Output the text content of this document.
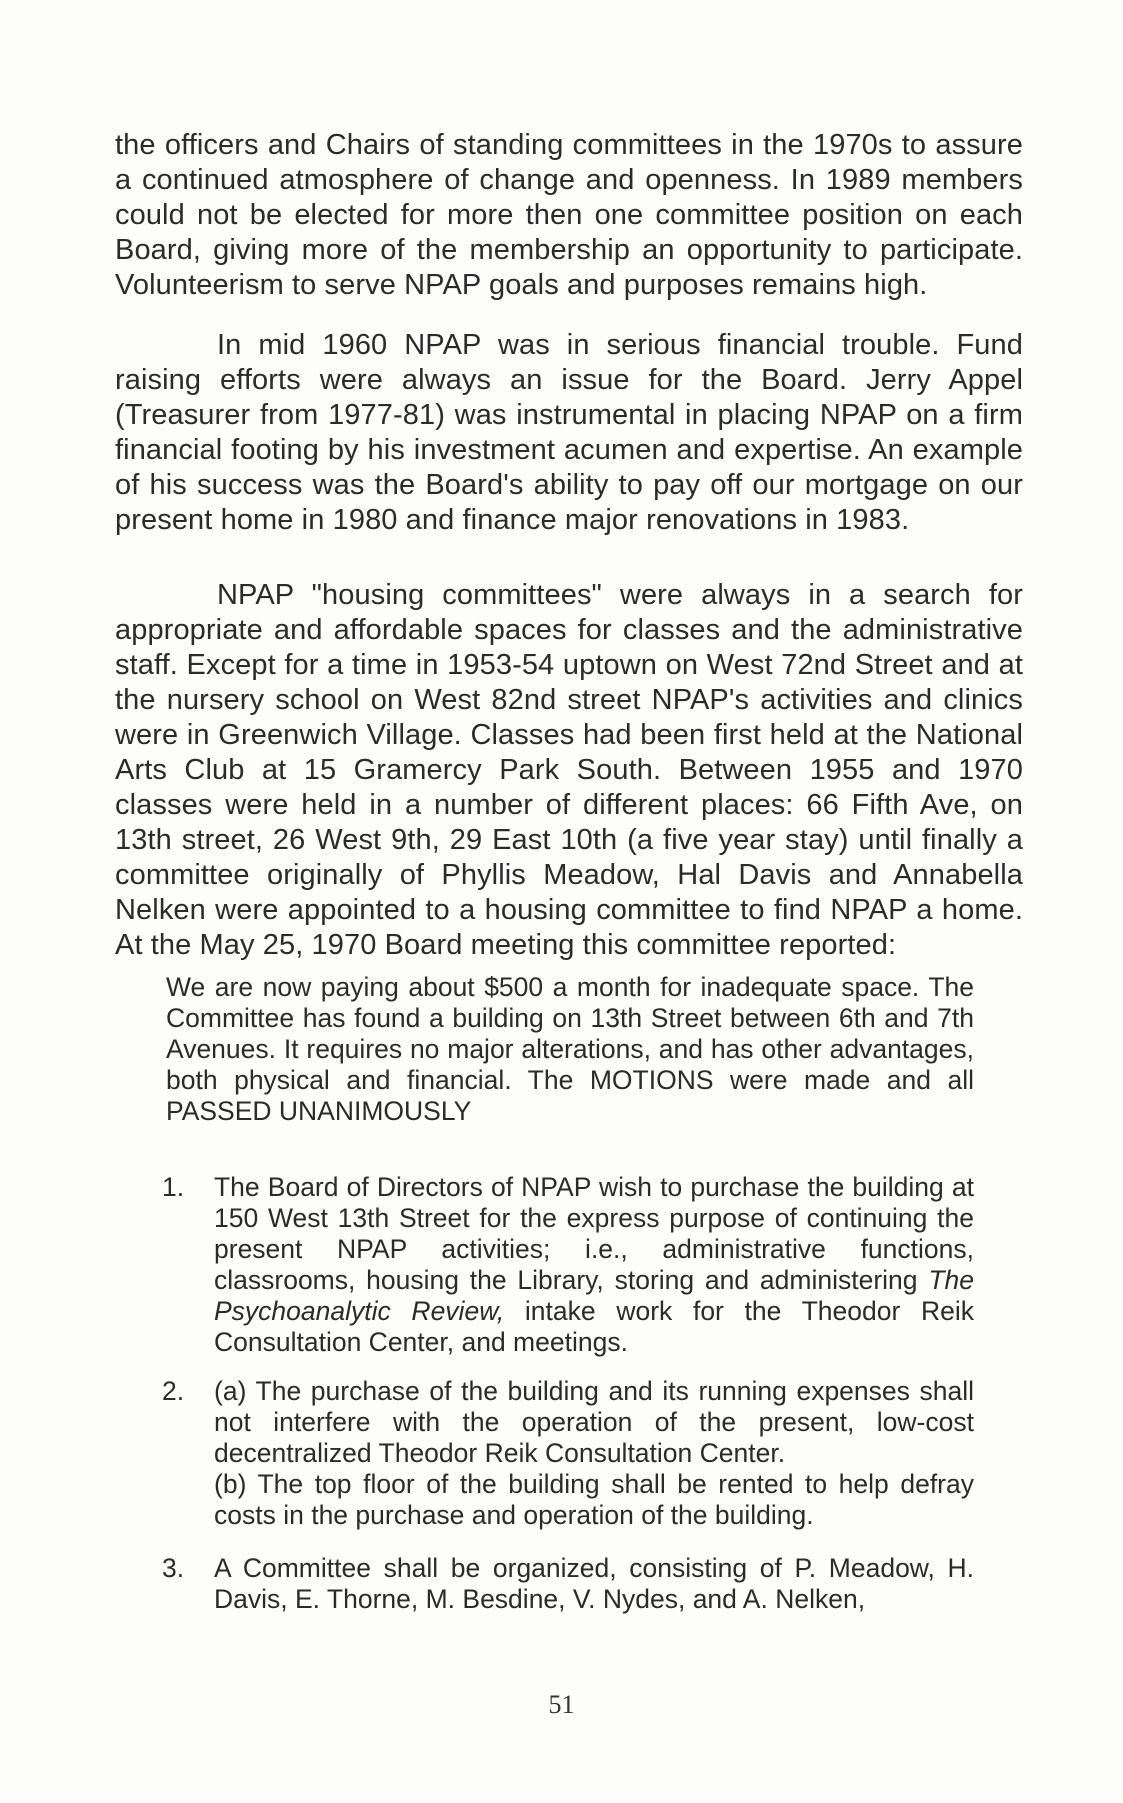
the officers and Chairs of standing committees in the 1970s to assure a continued atmosphere of change and openness. In 1989 members could not be elected for more then one committee position on each Board, giving more of the membership an opportunity to participate. Volunteerism to serve NPAP goals and purposes remains high.

In mid 1960 NPAP was in serious financial trouble. Fund raising efforts were always an issue for the Board. Jerry Appel (Treasurer from 1977-81) was instrumental in placing NPAP on a firm financial footing by his investment acumen and expertise. An example of his success was the Board's ability to pay off our mortgage on our present home in 1980 and finance major renovations in 1983.

NPAP "housing committees" were always in a search for appropriate and affordable spaces for classes and the administrative staff. Except for a time in 1953-54 uptown on West 72nd Street and at the nursery school on West 82nd street NPAP's activities and clinics were in Greenwich Village. Classes had been first held at the National Arts Club at 15 Gramercy Park South. Between 1955 and 1970 classes were held in a number of different places: 66 Fifth Ave, on 13th street, 26 West 9th, 29 East 10th (a five year stay) until finally a committee originally of Phyllis Meadow, Hal Davis and Annabella Nelken were appointed to a housing committee to find NPAP a home. At the May 25, 1970 Board meeting this committee reported:

We are now paying about $500 a month for inadequate space. The Committee has found a building on 13th Street between 6th and 7th Avenues. It requires no major alterations, and has other advantages, both physical and financial. The MOTIONS were made and all PASSED UNANIMOUSLY

1.	The Board of Directors of NPAP wish to purchase the building at 150 West 13th Street for the express purpose of continuing the present NPAP activities; i.e., administrative functions, classrooms, housing the Library, storing and administering The Psychoanalytic Review, intake work for the Theodor Reik Consultation Center, and meetings.
2.	(a) The purchase of the building and its running expenses shall not interfere with the operation of the present, low-cost decentralized Theodor Reik Consultation Center.
(b) The top floor of the building shall be rented to help defray costs in the purchase and operation of the building.
3.	A Committee shall be organized, consisting of P. Meadow, H. Davis, E. Thorne, M. Besdine, V. Nydes, and A. Nelken,
51
